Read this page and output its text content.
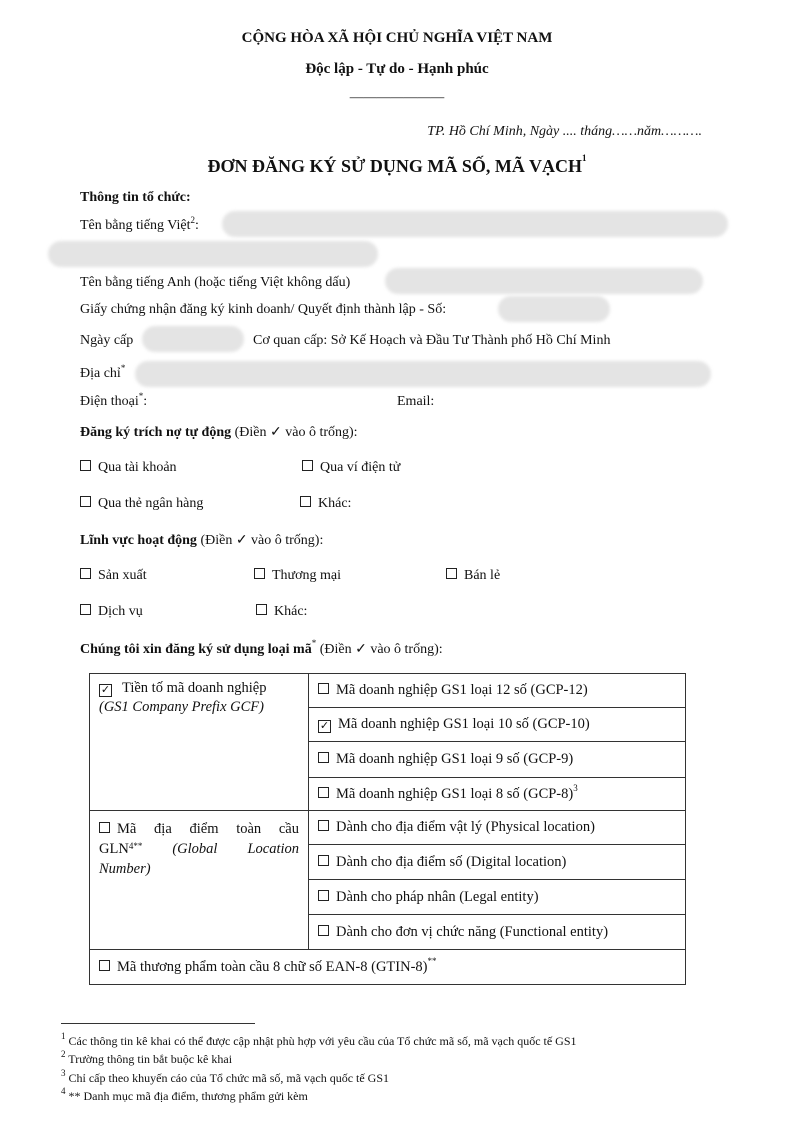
CỘNG HÒA XÃ HỘI CHỦ NGHĨA VIỆT NAM
Độc lập - Tự do - Hạnh phúc
———————
TP. Hồ Chí Minh, Ngày .... tháng……năm……….
ĐƠN ĐĂNG KÝ SỬ DỤNG MÃ SỐ, MÃ VẠCH$^1$
Thông tin tổ chức:
Tên bằng tiếng Việt$^2$:
Tên bằng tiếng Anh (hoặc tiếng Việt không dấu)
Giấy chứng nhận đăng ký kinh doanh/ Quyết định thành lập - Số:
Ngày cấp	Cơ quan cấp: Sở Kế Hoạch và Đầu Tư Thành phố Hồ Chí Minh
Địa chỉ*
Điện thoại*:	Email:
Đăng ký trích nợ tự động (Điền ✓ vào ô trống):
Qua tài khoản	Qua ví điện tử
Qua thẻ ngân hàng	Khác:
Lĩnh vực hoạt động (Điền ✓ vào ô trống):
Sản xuất	Thương mại	Bán lẻ
Dịch vụ	Khác:
Chúng tôi xin đăng ký sử dụng loại mã* (Điền ✓ vào ô trống):
✓ Tiền tố mã doanh nghiệp
(GS1 Company Prefix GCF)	Mã doanh nghiệp GS1 loại 12 số (GCP-12)
	✓ Mã doanh nghiệp GS1 loại 10 số (GCP-10)
	Mã doanh nghiệp GS1 loại 9 số (GCP-9)
	Mã doanh nghiệp GS1 loại 8 số $(GCP-8)^3$

Mã địa điểm toàn cầu
$GLN^{4**}$ (Global Location
Number)	Dành cho địa điểm vật lý (Physical location)
	Dành cho địa điểm số (Digital location)
	Dành cho pháp nhân (Legal entity)
	Dành cho đơn vị chức năng (Functional entity)
Mã thương phẩm toàn cầu 8 chữ số EAN-8 (GTIN-8)**
$^1$ Các thông tin kê khai có thể được cập nhật phù hợp với yêu cầu của Tổ chức mã số, mã vạch quốc tế GS1
$^2$ Trường thông tin bắt buộc kê khai
$^3$ Chỉ cấp theo khuyến cáo của Tổ chức mã số, mã vạch quốc tế GS1
$^4$ ** Danh mục mã địa điểm, thương phẩm gửi kèm
